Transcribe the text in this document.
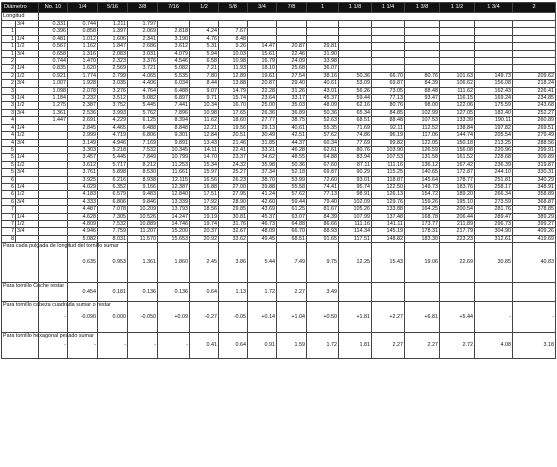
Diámetro		No. 10	1/4	5/16	3/8	7/16	1/2	5/8	3/4	7/8	1	1 1/8	1 1/4	1 3/8	1 1/2	1 3/4	2
Longitud																	
	3/4	0.331	0.744	1.211	1.797												
1		0.396	0.858	1.397	2.069	2.818	4.24	7.67									
1	1/4	0.481	1.012	1.606	2.341	3.190	4.76	8.48									
1	1/2	0.567	1.162	1.847	2.686	3.612	5.31	9.26	14.47	20.87	29.81						
1	3/4	0.658	1.316	2.083	3.031	4.079	5.94	10.03	15.61	22.46	31.90						
2		0.744	1.470	2.323	3.376	4.546	6.58	10.98	16.79	24.09	33.98						
2	1/4	0.835	1.620	2.569	3.721	5.082	7.21	11.93	18.10	25.68	36.07						
2	1/2	0.921	1.774	2.799	4.065	5.535	7.80	12.89	19.61	27.54	38.16	50.36	66.70	80.76	101.63	149.73	209.62
2	3/4	1.007	1.928	3.035	4.406	6.034	8.44	13.88	20.87	29.40	40.61	53.09	69.87	84.39	106.62	156.08	218.24
3		1.098	2.078	3.276	4.764	6.488	9.07	14.79	22.28	31.26	43.01	56.26	73.05	88.48	111.62	162.43	226.41
3	1/4	1.184	2.232	3.512	5.082	6.897	9.71	15.74	23.64	33.17	45.37	59.44	77.13	93.47	116.15	169.24	234.85
3	1/2	1.275	2.387	3.752	5.445	7.441	10.34	16.70	25.00	35.03	48.09	62.16	80.76	98.00	122.06	175.59	243.68
3	3/4	1.361	2.536	3.993	5.762	7.896	10.98	17.65	26.36	36.89	50.36	65.34	84.85	102.99	127.05	182.40	252.27
4		1.447	2.691	4.229	6.125	8.394	11.62	18.60	27.77	38.75	52.63	68.51	88.48	107.53	133.39	190.11	260.89
4	1/4		2.845	4.465	6.488	8.848	12.21	19.56	29.13	40.61	55.35	71.69	92.11	112.52	138.84	197.82	269.51
4	1/2		2.999	4.719	6.806	9.301	12.84	20.51	30.49	42.51	57.62	74.86	96.19	117.06	144.74	205.54	279.49
4	3/4		3.149	4.946	7.169	9.891	13.43	21.46	31.85	44.37	60.34	77.69	99.82	122.05	150.18	213.25	288.56
5			3.303	5.218	7.532	10.345	14.11	22.41	33.21	46.28	62.61	80.76	103.90	126.59	156.08	220.96	299.91
5	1/4		3.457	5.445	7.849	10.799	14.70	23.37	34.62	48.55	64.88	83.94	107.53	131.58	161.52	228.68	309.89
5	1/2		3.612	5.717	8.212	11.253	15.34	24.32	35.98	50.36	67.60	87.11	111.16	136.12	167.42	236.39	319.87
5	3/4		3.761	5.898	8.530	11.661	15.97	25.27	37.34	52.18	69.87	90.29	115.25	140.65	172.87	244.10	330.31
6			3.925	6.216	8.938	12.115	16.56	26.23	38.70	53.99	72.60	93.01	118.87	145.64	178.77	251.81	340.29
6	1/4		4.029	6.352	9.166	12.387	16.88	27.00	39.88	55.58	74.41	95.74	122.50	149.73	183.76	258.17	348.91
6	1/2		4.183	6.579	9.483	12.840	17.51	27.95	41.24	57.62	77.13	98.91	126.13	154.72	189.20	266.34	358.89
6	3/4		4.333	6.806	9.846	13.339	17.92	28.90	42.60	59.44	79.40	102.09	129.76	159.26	195.10	273.59	368.87
7			4.487	7.078	10.209	13.793	18.56	29.85	43.69	61.25	81.67	105.26	133.88	164.25	200.54	281.76	378.85
7	1/4		4.628	7.305	10.526	14.247	19.19	30.81	45.37	63.07	84.39	107.99	137.48	168.78	206.44	289.47	389.29
7	1/2		4.809	7.532	10.889	14.746	19.74	31.76	46.73	64.88	86.66	111.16	141.11	173.77	211.89	296.73	399.27
7	3/4		4.946	7.759	11.207	15.200	20.37	32.67	48.09	66.70	88.93	114.34	145.19	178.31	217.79	304.90	409.26
8			5.082	8.031	11.570	15.653	20.92	33.62	49.45	68.51	91.65	117.51	148.82	183.30	223.23	312.61	419.69
Para cada pulgada de longitud del tornillo sumar			0.635	0.953	1.361	1.860	2.45	3.86	5.44	7.49	9.75	12.25	15.43	19.06	22.69	30.85	40.83
Para tornillo Coche restar			0.454	0.181	0.136	0.136	0.64	1.13	1.72	2.27	3.49						
Para tornillo cabeza cuadrada sumar o restar		-	-0.090	0.000	-0.050	+0.09	-0.27	-0.05	+0.14	+1.04	+0.50	+1.81	+2.27	+6.81	+5.44	-	-
Para tornillo hexagonal pesado sumar		-	-	-	-	-	0.41	0.64	0.91	1.59	1.72	1.81	2.27	2.27	2.72	4.08	3.18
